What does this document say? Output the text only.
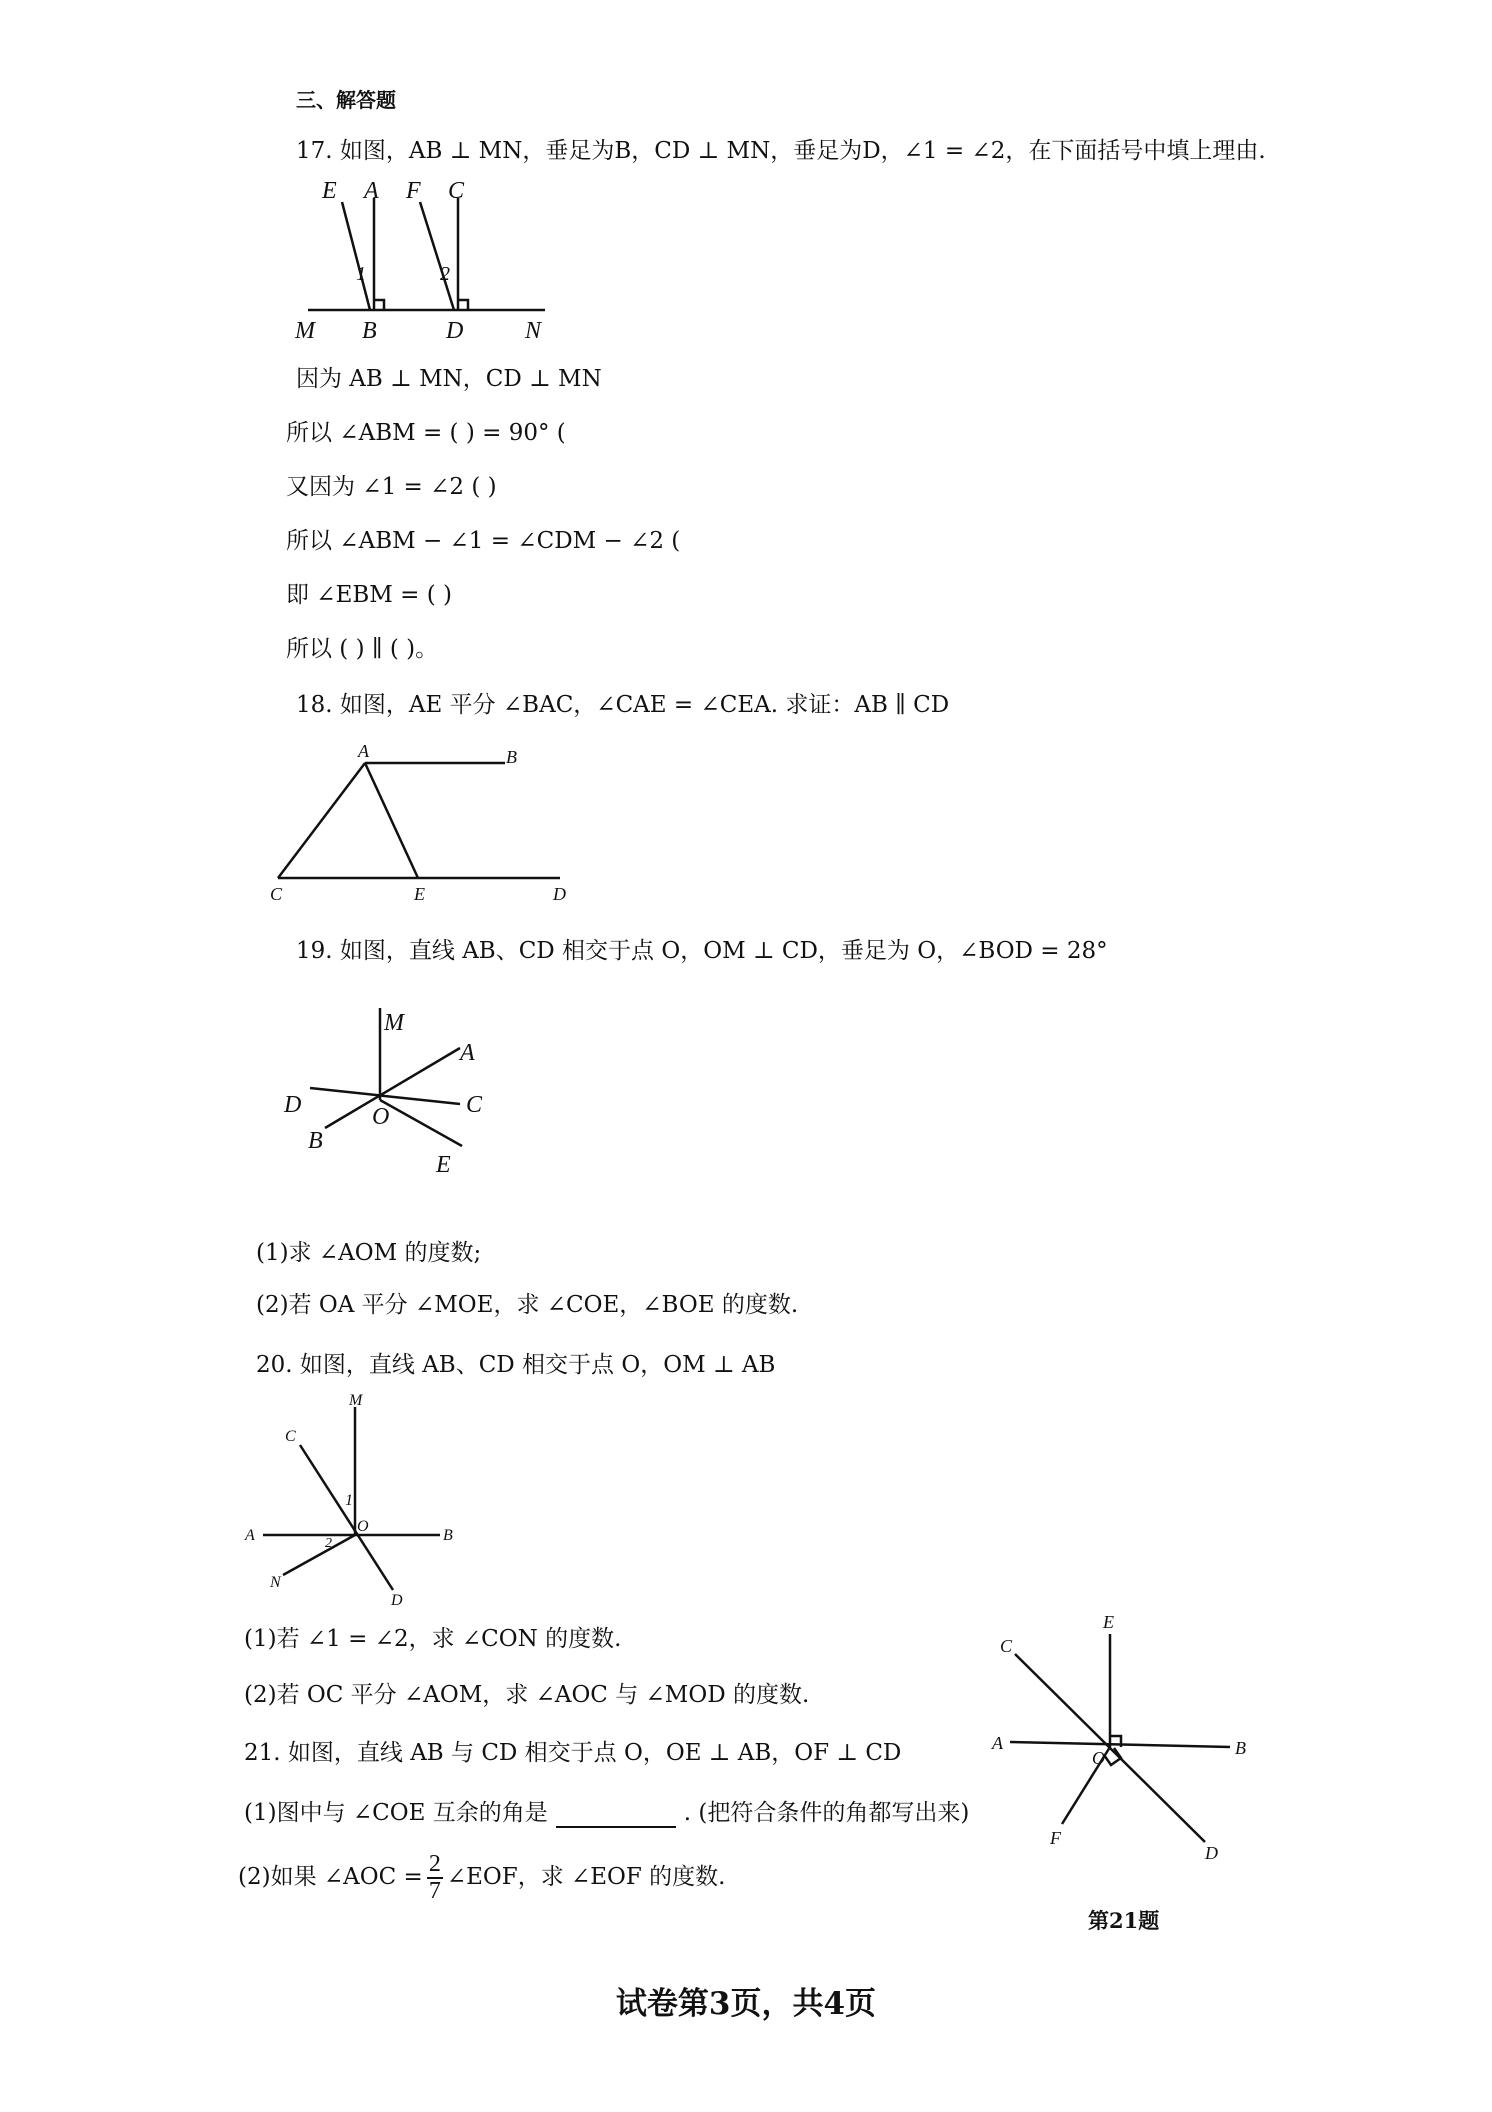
三、解答题
17. 如图，AB ⊥ MN，垂足为B，CD ⊥ MN，垂足为D，∠1 = ∠2，在下面括号中填上理由.
E A F C
1	2
M B	D	N
因为 AB ⊥ MN，CD ⊥ MN
所以 ∠ABM = ( ) = 90° (
又因为 ∠1 = ∠2 ( )
所以 ∠ABM − ∠1 = ∠CDM − ∠2 (
即 ∠EBM = ( )
所以 ( ) ∥ ( )。
18. 如图，AE 平分 ∠BAC，∠CAE = ∠CEA. 求证：AB ∥ CD
A	B
C	E	D
19. 如图，直线 AB、CD 相交于点 O，OM ⊥ CD，垂足为 O，∠BOD = 28°
M
A
D	O	C
B
E
(1)求 ∠AOM 的度数;
(2)若 OA 平分 ∠MOE，求 ∠COE，∠BOE 的度数.
20. 如图，直线 AB、CD 相交于点 O，OM ⊥ AB
M
C
1
O
A	B
2
N
D
(1)若 ∠1 = ∠2，求 ∠CON 的度数.
(2)若 OC 平分 ∠AOM，求 ∠AOC 与 ∠MOD 的度数.
21. 如图，直线 AB 与 CD 相交于点 O，OE ⊥ AB，OF ⊥ CD
(1)图中与 ∠COE 互余的角是	. (把符合条件的角都写出来)
(2)如果 ∠AOC = $\frac{2}{7}$ ∠EOF，求 ∠EOF 的度数.
E
C
A	B
O
F
D
第21题
试卷第3页，共4页
